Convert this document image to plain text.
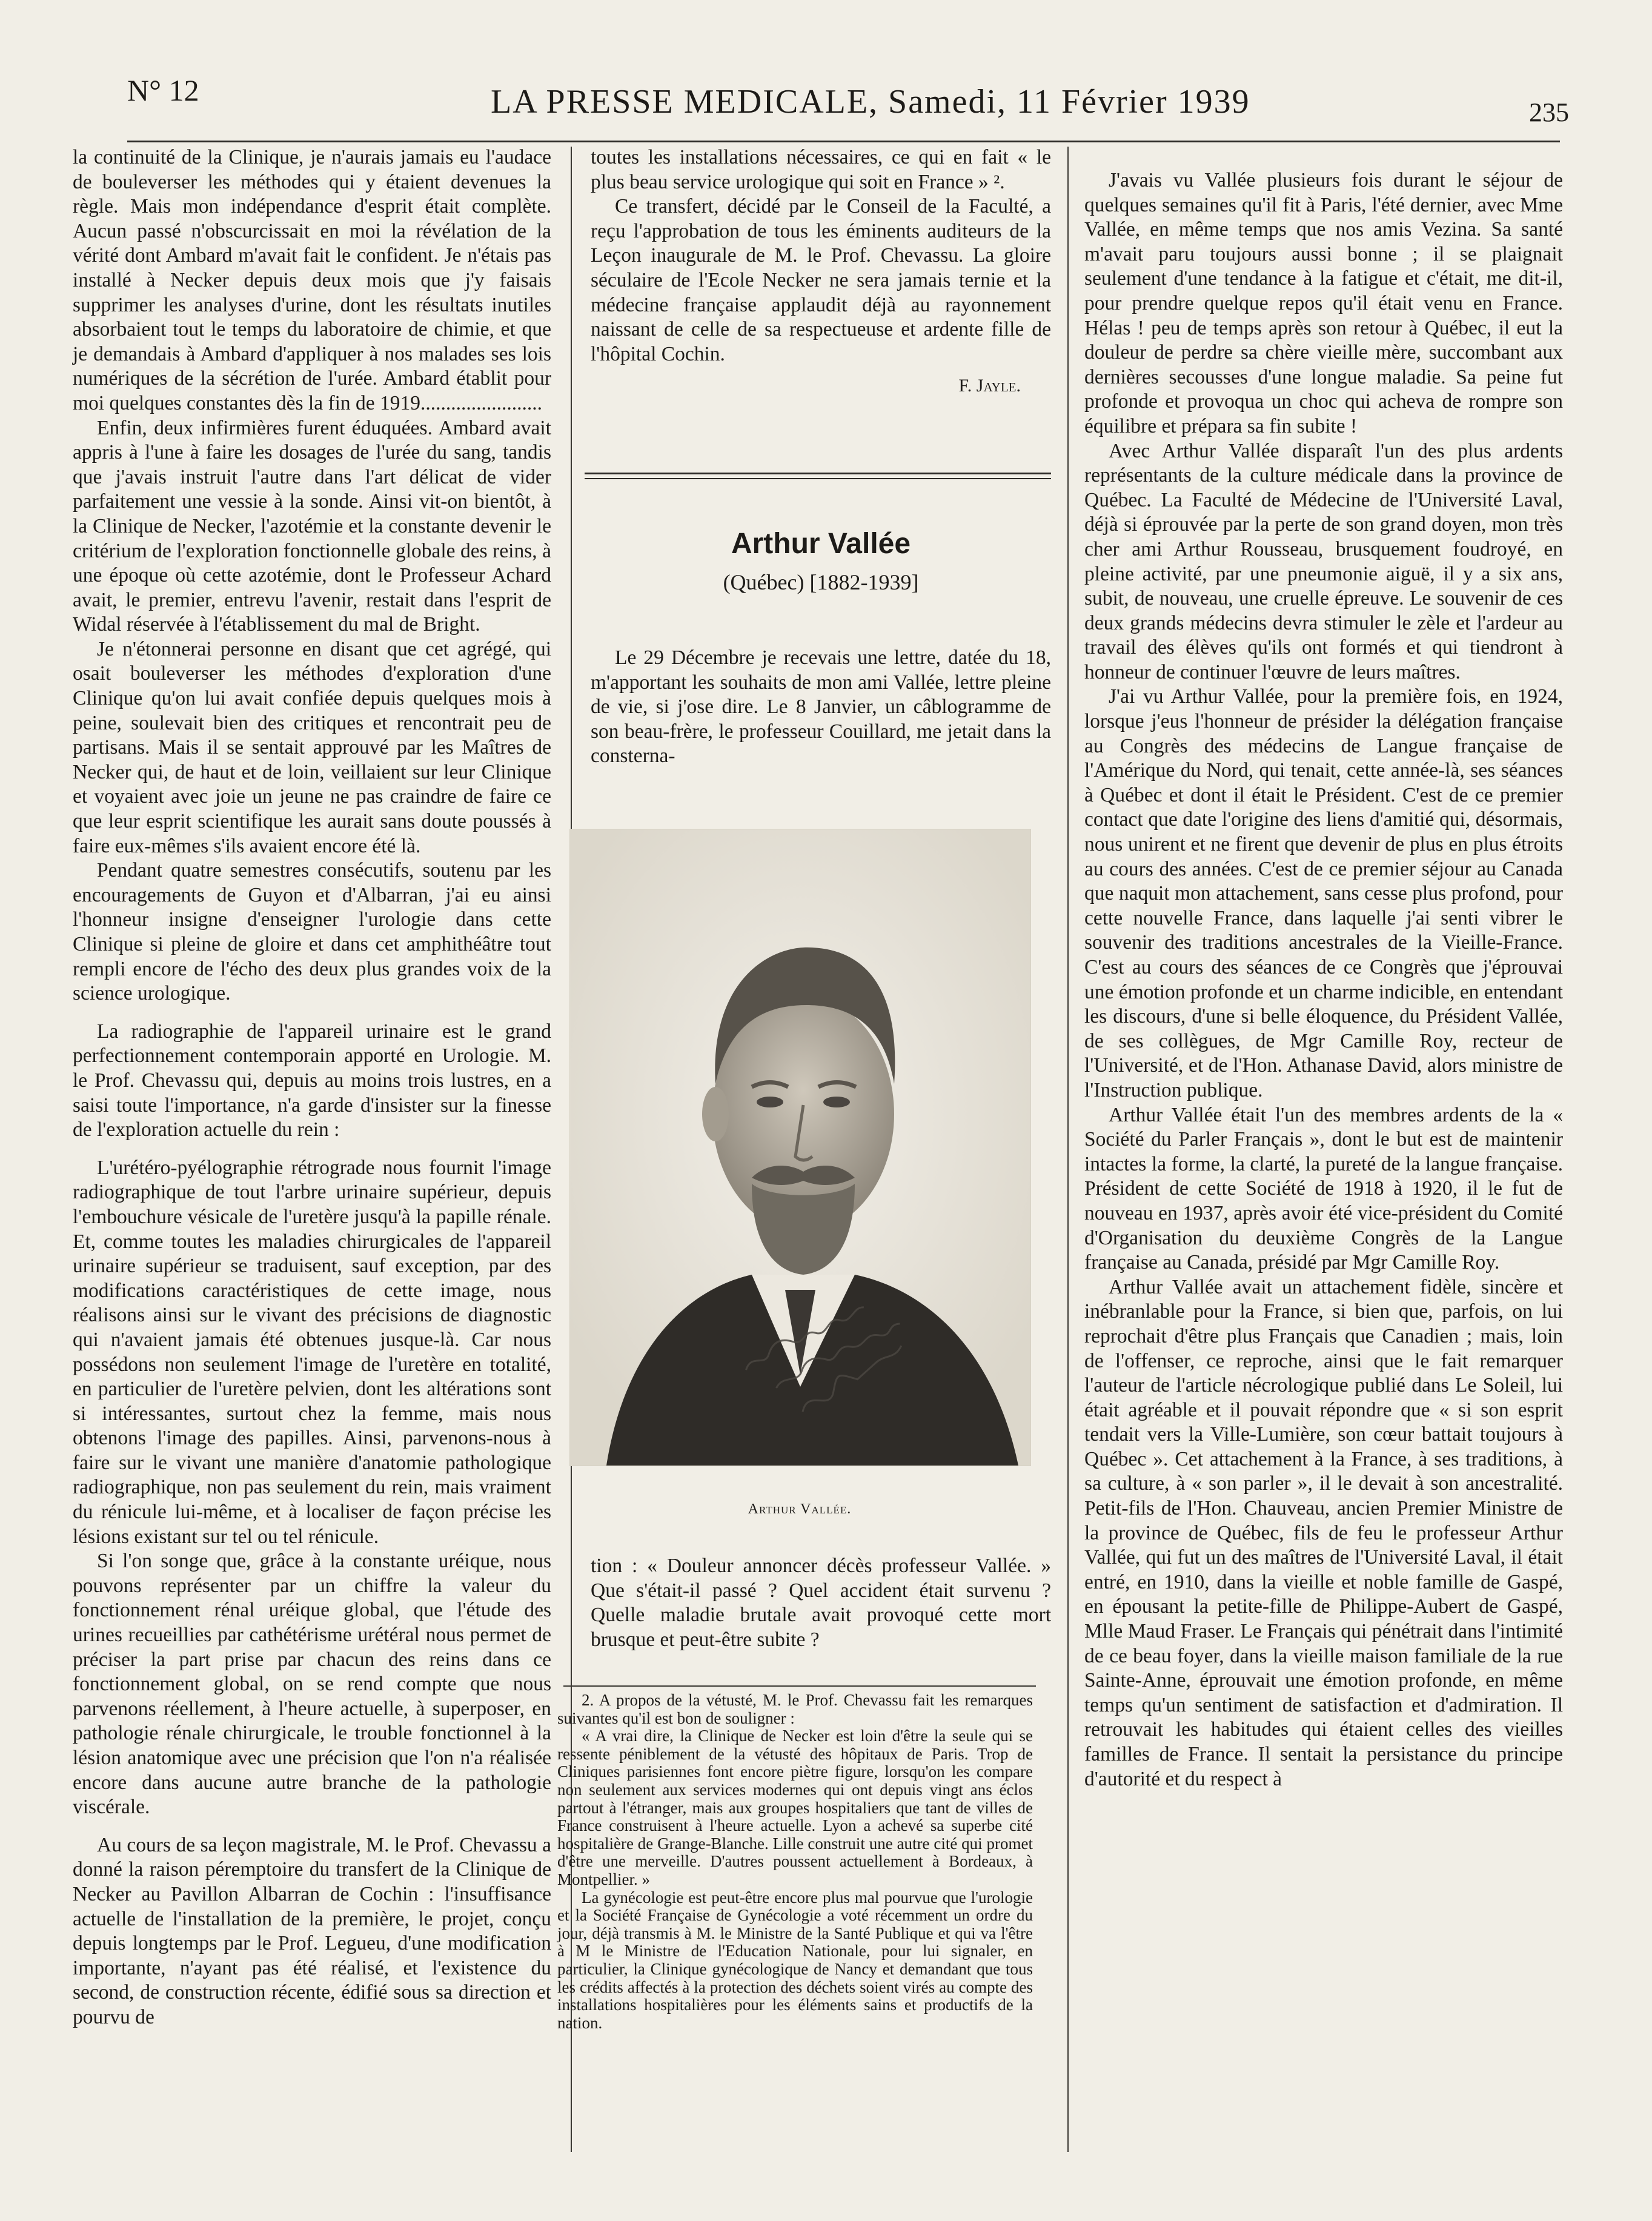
N° 12	LA PRESSE MEDICALE, Samedi, 11 Février 1939	235

la continuité de la Clinique, je n'aurais jamais eu l'audace de bouleverser les méthodes qui y étaient devenues la règle. Mais mon indépendance d'esprit était complète. Aucun passé n'obscurcissait en moi la révélation de la vérité dont Ambard m'avait fait le confident. Je n'étais pas installé à Necker depuis deux mois que j'y faisais supprimer les analyses d'urine, dont les résultats inutiles absorbaient tout le temps du laboratoire de chimie, et que je demandais à Ambard d'appliquer à nos malades ses lois numériques de la sécrétion de l'urée. Ambard établit pour moi quelques constantes dès la fin de 1919........................

Enfin, deux infirmières furent éduquées. Ambard avait appris à l'une à faire les dosages de l'urée du sang, tandis que j'avais instruit l'autre dans l'art délicat de vider parfaitement une vessie à la sonde. Ainsi vit-on bientôt, à la Clinique de Necker, l'azotémie et la constante devenir le critérium de l'exploration fonctionnelle globale des reins, à une époque où cette azotémie, dont le Professeur Achard avait, le premier, entrevu l'avenir, restait dans l'esprit de Widal réservée à l'établissement du mal de Bright.

Je n'étonnerai personne en disant que cet agrégé, qui osait bouleverser les méthodes d'exploration d'une Clinique qu'on lui avait confiée depuis quelques mois à peine, soulevait bien des critiques et rencontrait peu de partisans. Mais il se sentait approuvé par les Maîtres de Necker qui, de haut et de loin, veillaient sur leur Clinique et voyaient avec joie un jeune ne pas craindre de faire ce que leur esprit scientifique les aurait sans doute poussés à faire eux-mêmes s'ils avaient encore été là.

Pendant quatre semestres consécutifs, soutenu par les encouragements de Guyon et d'Albarran, j'ai eu ainsi l'honneur insigne d'enseigner l'urologie dans cette Clinique si pleine de gloire et dans cet amphithéâtre tout rempli encore de l'écho des deux plus grandes voix de la science urologique.

La radiographie de l'appareil urinaire est le grand perfectionnement contemporain apporté en Urologie. M. le Prof. Chevassu qui, depuis au moins trois lustres, en a saisi toute l'importance, n'a garde d'insister sur la finesse de l'exploration actuelle du rein :

L'urétéro-pyélographie rétrograde nous fournit l'image radiographique de tout l'arbre urinaire supérieur, depuis l'embouchure vésicale de l'uretère jusqu'à la papille rénale. Et, comme toutes les maladies chirurgicales de l'appareil urinaire supérieur se traduisent, sauf exception, par des modifications caractéristiques de cette image, nous réalisons ainsi sur le vivant des précisions de diagnostic qui n'avaient jamais été obtenues jusque-là. Car nous possédons non seulement l'image de l'uretère en totalité, en particulier de l'uretère pelvien, dont les altérations sont si intéressantes, surtout chez la femme, mais nous obtenons l'image des papilles. Ainsi, parvenons-nous à faire sur le vivant une manière d'anatomie pathologique radiographique, non pas seulement du rein, mais vraiment du rénicule lui-même, et à localiser de façon précise les lésions existant sur tel ou tel rénicule.

Si l'on songe que, grâce à la constante uréique, nous pouvons représenter par un chiffre la valeur du fonctionnement rénal uréique global, que l'étude des urines recueillies par cathétérisme urétéral nous permet de préciser la part prise par chacun des reins dans ce fonctionnement global, on se rend compte que nous parvenons réellement, à l'heure actuelle, à superposer, en pathologie rénale chirurgicale, le trouble fonctionnel à la lésion anatomique avec une précision que l'on n'a réalisée encore dans aucune autre branche de la pathologie viscérale.

Au cours de sa leçon magistrale, M. le Prof. Chevassu a donné la raison péremptoire du transfert de la Clinique de Necker au Pavillon Albarran de Cochin : l'insuffisance actuelle de l'installation de la première, le projet, conçu depuis longtemps par le Prof. Legueu, d'une modification importante, n'ayant pas été réalisé, et l'existence du second, de construction récente, édifié sous sa direction et pourvu de

toutes les installations nécessaires, ce qui en fait « le plus beau service urologique qui soit en France » ².

Ce transfert, décidé par le Conseil de la Faculté, a reçu l'approbation de tous les éminents auditeurs de la Leçon inaugurale de M. le Prof. Chevassu. La gloire séculaire de l'Ecole Necker ne sera jamais ternie et la médecine française applaudit déjà au rayonnement naissant de celle de sa respectueuse et ardente fille de l'hôpital Cochin.

F. Jayle.
Arthur Vallée
(Québec) [1882-1939]

Le 29 Décembre je recevais une lettre, datée du 18, m'apportant les souhaits de mon ami Vallée, lettre pleine de vie, si j'ose dire. Le 8 Janvier, un câblogramme de son beau-frère, le professeur Couillard, me jetait dans la consterna-

Arthur Vallée.

tion : « Douleur annoncer décès professeur Vallée. » Que s'était-il passé ? Quel accident était survenu ? Quelle maladie brutale avait provoqué cette mort brusque et peut-être subite ?

2. A propos de la vétusté, M. le Prof. Chevassu fait les remarques suivantes qu'il est bon de souligner :

« A vrai dire, la Clinique de Necker est loin d'être la seule qui se ressente péniblement de la vétusté des hôpitaux de Paris. Trop de Cliniques parisiennes font encore piètre figure, lorsqu'on les compare non seulement aux services modernes qui ont depuis vingt ans éclos partout à l'étranger, mais aux groupes hospitaliers que tant de villes de France construisent à l'heure actuelle. Lyon a achevé sa superbe cité hospitalière de Grange-Blanche. Lille construit une autre cité qui promet d'être une merveille. D'autres poussent actuellement à Bordeaux, à Montpellier. »

La gynécologie est peut-être encore plus mal pourvue que l'urologie et la Société Française de Gynécologie a voté récemment un ordre du jour, déjà transmis à M. le Ministre de la Santé Publique et qui va l'être à M le Ministre de l'Education Nationale, pour lui signaler, en particulier, la Clinique gynécologique de Nancy et demandant que tous les crédits affectés à la protection des déchets soient virés au compte des installations hospitalières pour les éléments sains et productifs de la nation.

J'avais vu Vallée plusieurs fois durant le séjour de quelques semaines qu'il fit à Paris, l'été dernier, avec Mme Vallée, en même temps que nos amis Vezina. Sa santé m'avait paru toujours aussi bonne ; il se plaignait seulement d'une tendance à la fatigue et c'était, me dit-il, pour prendre quelque repos qu'il était venu en France. Hélas ! peu de temps après son retour à Québec, il eut la douleur de perdre sa chère vieille mère, succombant aux dernières secousses d'une longue maladie. Sa peine fut profonde et provoqua un choc qui acheva de rompre son équilibre et prépara sa fin subite !

Avec Arthur Vallée disparaît l'un des plus ardents représentants de la culture médicale dans la province de Québec. La Faculté de Médecine de l'Université Laval, déjà si éprouvée par la perte de son grand doyen, mon très cher ami Arthur Rousseau, brusquement foudroyé, en pleine activité, par une pneumonie aiguë, il y a six ans, subit, de nouveau, une cruelle épreuve. Le souvenir de ces deux grands médecins devra stimuler le zèle et l'ardeur au travail des élèves qu'ils ont formés et qui tiendront à honneur de continuer l'œuvre de leurs maîtres.

J'ai vu Arthur Vallée, pour la première fois, en 1924, lorsque j'eus l'honneur de présider la délégation française au Congrès des médecins de Langue française de l'Amérique du Nord, qui tenait, cette année-là, ses séances à Québec et dont il était le Président. C'est de ce premier contact que date l'origine des liens d'amitié qui, désormais, nous unirent et ne firent que devenir de plus en plus étroits au cours des années. C'est de ce premier séjour au Canada que naquit mon attachement, sans cesse plus profond, pour cette nouvelle France, dans laquelle j'ai senti vibrer le souvenir des traditions ancestrales de la Vieille-France. C'est au cours des séances de ce Congrès que j'éprouvai une émotion profonde et un charme indicible, en entendant les discours, d'une si belle éloquence, du Président Vallée, de ses collègues, de Mgr Camille Roy, recteur de l'Université, et de l'Hon. Athanase David, alors ministre de l'Instruction publique.

Arthur Vallée était l'un des membres ardents de la « Société du Parler Français », dont le but est de maintenir intactes la forme, la clarté, la pureté de la langue française. Président de cette Société de 1918 à 1920, il le fut de nouveau en 1937, après avoir été vice-président du Comité d'Organisation du deuxième Congrès de la Langue française au Canada, présidé par Mgr Camille Roy.

Arthur Vallée avait un attachement fidèle, sincère et inébranlable pour la France, si bien que, parfois, on lui reprochait d'être plus Français que Canadien ; mais, loin de l'offenser, ce reproche, ainsi que le fait remarquer l'auteur de l'article nécrologique publié dans Le Soleil, lui était agréable et il pouvait répondre que « si son esprit tendait vers la Ville-Lumière, son cœur battait toujours à Québec ». Cet attachement à la France, à ses traditions, à sa culture, à « son parler », il le devait à son ancestralité. Petit-fils de l'Hon. Chauveau, ancien Premier Ministre de la province de Québec, fils de feu le professeur Arthur Vallée, qui fut un des maîtres de l'Université Laval, il était entré, en 1910, dans la vieille et noble famille de Gaspé, en épousant la petite-fille de Philippe-Aubert de Gaspé, Mlle Maud Fraser. Le Français qui pénétrait dans l'intimité de ce beau foyer, dans la vieille maison familiale de la rue Sainte-Anne, éprouvait une émotion profonde, en même temps qu'un sentiment de satisfaction et d'admiration. Il retrouvait les habitudes qui étaient celles des vieilles familles de France. Il sentait la persistance du principe d'autorité et du respect à
